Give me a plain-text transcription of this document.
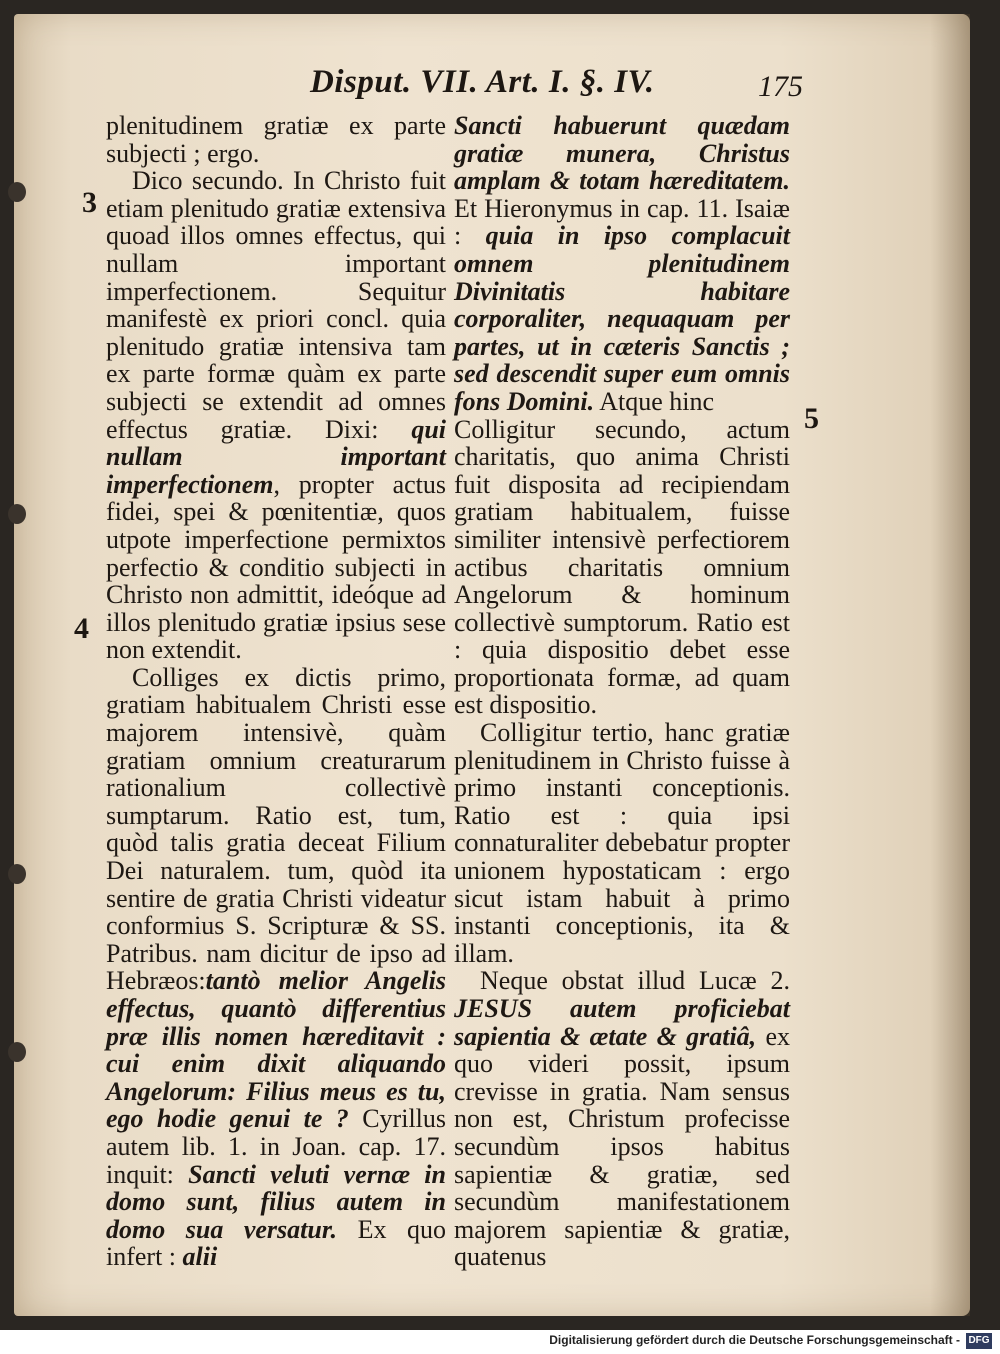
Disput. VII. Art. I. §. IV.	175
3
4
5

plenitudinem gratiæ ex parte subjecti ; ergo.

Dico secundo. In Christo fuit etiam plenitudo gratiæ extensiva quoad illos omnes effectus, qui nullam important imperfectionem. Sequitur manifestè ex priori concl. quia plenitudo gratiæ intensiva tam ex parte formæ quàm ex parte subjecti se extendit ad omnes effectus gratiæ. Dixi: qui nullam important imperfectionem, propter actus fidei, spei & pœnitentiæ, quos utpote imperfectione permixtos perfectio & conditio subjecti in Christo non admittit, ideóque ad illos plenitudo gratiæ ipsius sese non extendit.

Colliges ex dictis primo, gratiam habitualem Christi esse majorem intensivè, quàm gratiam omnium creaturarum rationalium collectivè sumptarum. Ratio est, tum, quòd talis gratia deceat Filium Dei naturalem. tum, quòd ita sentire de gratia Christi videatur conformius S. Scripturæ & SS. Patribus. nam dicitur de ipso ad Hebræos:tantò melior Angelis effectus, quantò differentius præ illis nomen hæreditavit : cui enim dixit aliquando Angelorum: Filius meus es tu, ego hodie genui te ? Cyrillus autem lib. 1. in Joan. cap. 17. inquit: Sancti veluti vernæ in domo sunt, filius autem in domo sua versatur. Ex quo infert : alii

Sancti habuerunt quædam gratiæ munera, Christus amplam & totam hæreditatem. Et Hieronymus in cap. 11. Isaiæ : quia in ipso complacuit omnem plenitudinem Divinitatis habitare corporaliter, nequaquam per partes, ut in cæteris Sanctis ; sed descendit super eum omnis fons Domini. Atque hinc

Colligitur secundo, actum charitatis, quo anima Christi fuit disposita ad recipiendam gratiam habitualem, fuisse similiter intensivè perfectiorem actibus charitatis omnium Angelorum & hominum collectivè sumptorum. Ratio est : quia dispositio debet esse proportionata formæ, ad quam est dispositio.

Colligitur tertio, hanc gratiæ plenitudinem in Christo fuisse à primo instanti conceptionis. Ratio est : quia ipsi connaturaliter debebatur propter unionem hypostaticam : ergo sicut istam habuit à primo instanti conceptionis, ita & illam.

Neque obstat illud Lucæ 2. JESUS autem proficiebat sapientia & ætate & gratiâ, ex quo videri possit, ipsum crevisse in gratia. Nam sensus non est, Christum profecisse secundùm ipsos habitus sapientiæ & gratiæ, sed secundùm manifestationem majorem sapientiæ & gratiæ, quatenus

Digitalisierung gefördert durch die Deutsche Forschungsgemeinschaft - DFG
